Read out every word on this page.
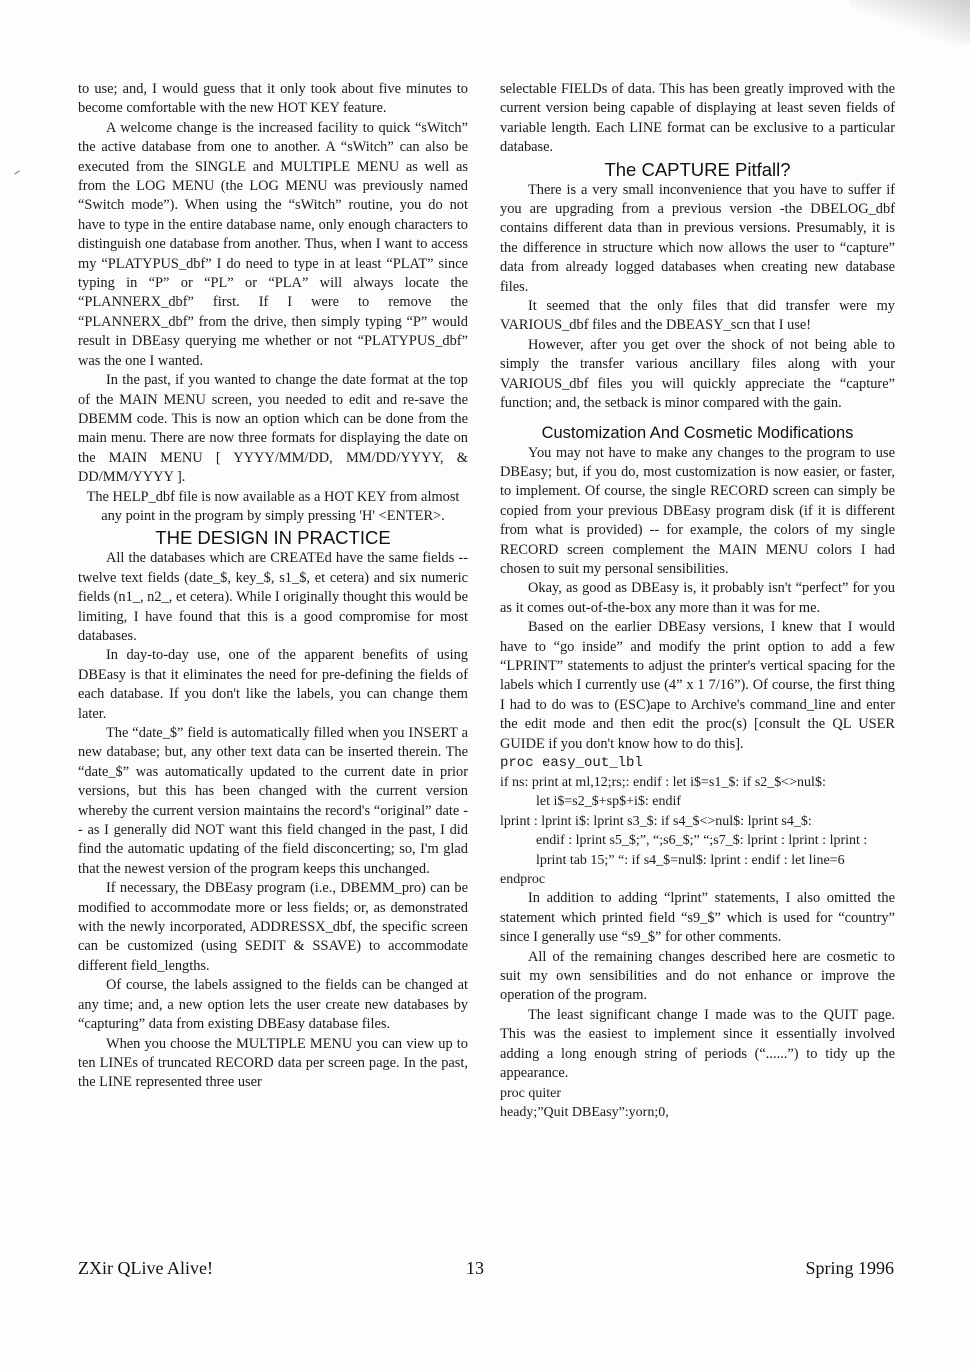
to use; and, I would guess that it only took about five minutes to become comfortable with the new HOT KEY feature.

A welcome change is the increased facility to quick “sWitch” the active database from one to another. A “sWitch” can also be executed from the SINGLE and MULTIPLE MENU as well as from the LOG MENU (the LOG MENU was previously named “Switch mode”). When using the “sWitch” routine, you do not have to type in the entire database name, only enough characters to distinguish one database from another. Thus, when I want to access my “PLATYPUS_dbf” I do need to type in at least “PLAT” since typing in “P” or “PL” or “PLA” will always locate the “PLANNERX_dbf” first. If I were to remove the “PLANNERX_dbf” from the drive, then simply typing “P” would result in DBEasy querying me whether or not “PLATYPUS_dbf” was the one I wanted.

In the past, if you wanted to change the date format at the top of the MAIN MENU screen, you needed to edit and re-save the DBEMM code. This is now an option which can be done from the main menu. There are now three formats for displaying the date on the MAIN MENU [ YYYY/MM/DD, MM/DD/YYYY, & DD/MM/YYYY ].

The HELP_dbf file is now available as a HOT KEY from almost any point in the program by simply pressing 'H' <ENTER>.

THE DESIGN IN PRACTICE

All the databases which are CREATEd have the same fields -- twelve text fields (date_$, key_$, s1_$, et cetera) and six numeric fields (n1_, n2_, et cetera). While I originally thought this would be limiting, I have found that this is a good compromise for most databases.

In day-to-day use, one of the apparent benefits of using DBEasy is that it eliminates the need for pre-defining the fields of each database. If you don't like the labels, you can change them later.

The “date_$” field is automatically filled when you INSERT a new database; but, any other text data can be inserted therein. The “date_$” was automatically updated to the current date in prior versions, but this has been changed with the current version whereby the current version maintains the record's “original” date -- as I generally did NOT want this field changed in the past, I did find the automatic updating of the field disconcerting; so, I'm glad that the newest version of the program keeps this unchanged.

If necessary, the DBEasy program (i.e., DBEMM_pro) can be modified to accommodate more or less fields; or, as demonstrated with the newly incorporated, ADDRESSX_dbf, the specific screen can be customized (using SEDIT & SSAVE) to accommodate different field_lengths.

Of course, the labels assigned to the fields can be changed at any time; and, a new option lets the user create new databases by “capturing” data from existing DBEasy database files.

When you choose the MULTIPLE MENU you can view up to ten LINEs of truncated RECORD data per screen page. In the past, the LINE represented three user

selectable FIELDs of data. This has been greatly improved with the current version being capable of displaying at least seven fields of variable length. Each LINE format can be exclusive to a particular database.

The CAPTURE Pitfall?

There is a very small inconvenience that you have to suffer if you are upgrading from a previous version -the DBELOG_dbf contains different data than in previous versions. Presumably, it is the difference in structure which now allows the user to “capture” data from already logged databases when creating new database files.

It seemed that the only files that did transfer were my VARIOUS_dbf files and the DBEASY_scn that I use!

However, after you get over the shock of not being able to simply the transfer various ancillary files along with your VARIOUS_dbf files you will quickly appreciate the “capture” function; and, the setback is minor compared with the gain.

Customization And Cosmetic Modifications

You may not have to make any changes to the program to use DBEasy; but, if you do, most customization is now easier, or faster, to implement. Of course, the single RECORD screen can simply be copied from your previous DBEasy program disk (if it is different from what is provided) -- for example, the colors of my single RECORD screen complement the MAIN MENU colors I had chosen to suit my personal sensibilities.

Okay, as good as DBEasy is, it probably isn't “perfect” for you as it comes out-of-the-box any more than it was for me.

Based on the earlier DBEasy versions, I knew that I would have to “go inside” and modify the print option to add a few “LPRINT” statements to adjust the printer's vertical spacing for the labels which I currently use (4” x 1 7/16”). Of course, the first thing I had to do was to (ESC)ape to Archive's command_line and enter the edit mode and then edit the proc(s) [consult the QL USER GUIDE if you don't know how to do this].

proc easy_out_lbl

if ns: print at ml,12;rs;: endif : let i$=s1_$: if s2_$<>nul$:

let i$=s2_$+sp$+i$: endif

lprint : lprint i$: lprint s3_$: if s4_$<>nul$: lprint s4_$:

endif : lprint s5_$;”, “;s6_$;” “;s7_$: lprint : lprint : lprint : lprint tab 15;” “: if s4_$=nul$: lprint : endif : let line=6

endproc

In addition to adding “lprint” statements, I also omitted the statement which printed field “s9_$” which is used for “country” since I generally use “s9_$” for other comments.

All of the remaining changes described here are cosmetic to suit my own sensibilities and do not enhance or improve the operation of the program.

The least significant change I made was to the QUIT page. This was the easiest to implement since it essentially involved adding a long enough string of periods (“......”) to tidy up the appearance.

proc quiter

heady;”Quit DBEasy”:yorn;0,

ZXir QLive Alive!	13	Spring 1996
